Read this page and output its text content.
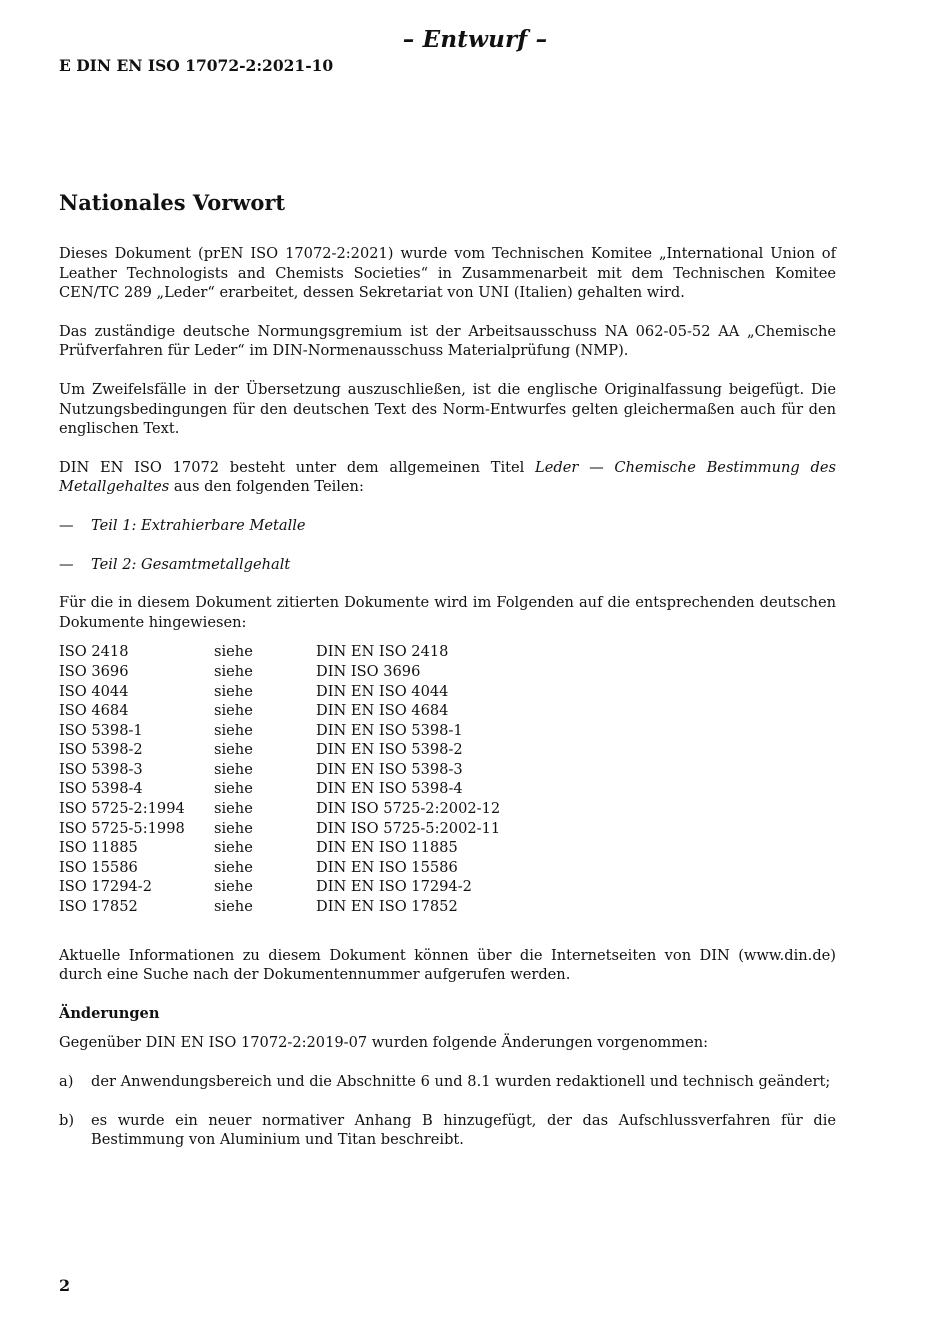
– Entwurf –
E DIN EN ISO 17072-2:2021-10
Nationales Vorwort

Dieses Dokument (prEN ISO 17072-2:2021) wurde vom Technischen Komitee „International Union of Leather Technologists and Chemists Societies“ in Zusammenarbeit mit dem Technischen Komitee CEN/TC 289 „Leder“ erarbeitet, dessen Sekretariat von UNI (Italien) gehalten wird.

Das zuständige deutsche Normungsgremium ist der Arbeitsausschuss NA 062-05-52 AA „Chemische Prüfverfahren für Leder“ im DIN-Normenausschuss Materialprüfung (NMP).

Um Zweifelsfälle in der Übersetzung auszuschließen, ist die englische Originalfassung beigefügt. Die Nutzungsbedingungen für den deutschen Text des Norm-Entwurfes gelten gleichermaßen auch für den englischen Text.

DIN EN ISO 17072 besteht unter dem allgemeinen Titel Leder — Chemische Bestimmung des Metallgehaltes aus den folgenden Teilen:

—	Teil 1: Extrahierbare Metalle
—	Teil 2: Gesamtmetallgehalt

Für die in diesem Dokument zitierten Dokumente wird im Folgenden auf die entsprechenden deutschen Dokumente hingewiesen:

ISO 2418	siehe	DIN EN ISO 2418
ISO 3696	siehe	DIN ISO 3696
ISO 4044	siehe	DIN EN ISO 4044
ISO 4684	siehe	DIN EN ISO 4684
ISO 5398-1	siehe	DIN EN ISO 5398-1
ISO 5398-2	siehe	DIN EN ISO 5398-2
ISO 5398-3	siehe	DIN EN ISO 5398-3
ISO 5398-4	siehe	DIN EN ISO 5398-4
ISO 5725-2:1994	siehe	DIN ISO 5725-2:2002-12
ISO 5725-5:1998	siehe	DIN ISO 5725-5:2002-11
ISO 11885	siehe	DIN EN ISO 11885
ISO 15586	siehe	DIN EN ISO 15586
ISO 17294-2	siehe	DIN EN ISO 17294-2
ISO 17852	siehe	DIN EN ISO 17852

Aktuelle Informationen zu diesem Dokument können über die Internetseiten von DIN (www.din.de) durch eine Suche nach der Dokumentennummer aufgerufen werden.

Änderungen

Gegenüber DIN EN ISO 17072-2:2019-07 wurden folgende Änderungen vorgenommen:

a)	der Anwendungsbereich und die Abschnitte 6 und 8.1 wurden redaktionell und technisch geändert;
b)	es wurde ein neuer normativer Anhang B hinzugefügt, der das Aufschlussverfahren für die Bestimmung von Aluminium und Titan beschreibt.
2
